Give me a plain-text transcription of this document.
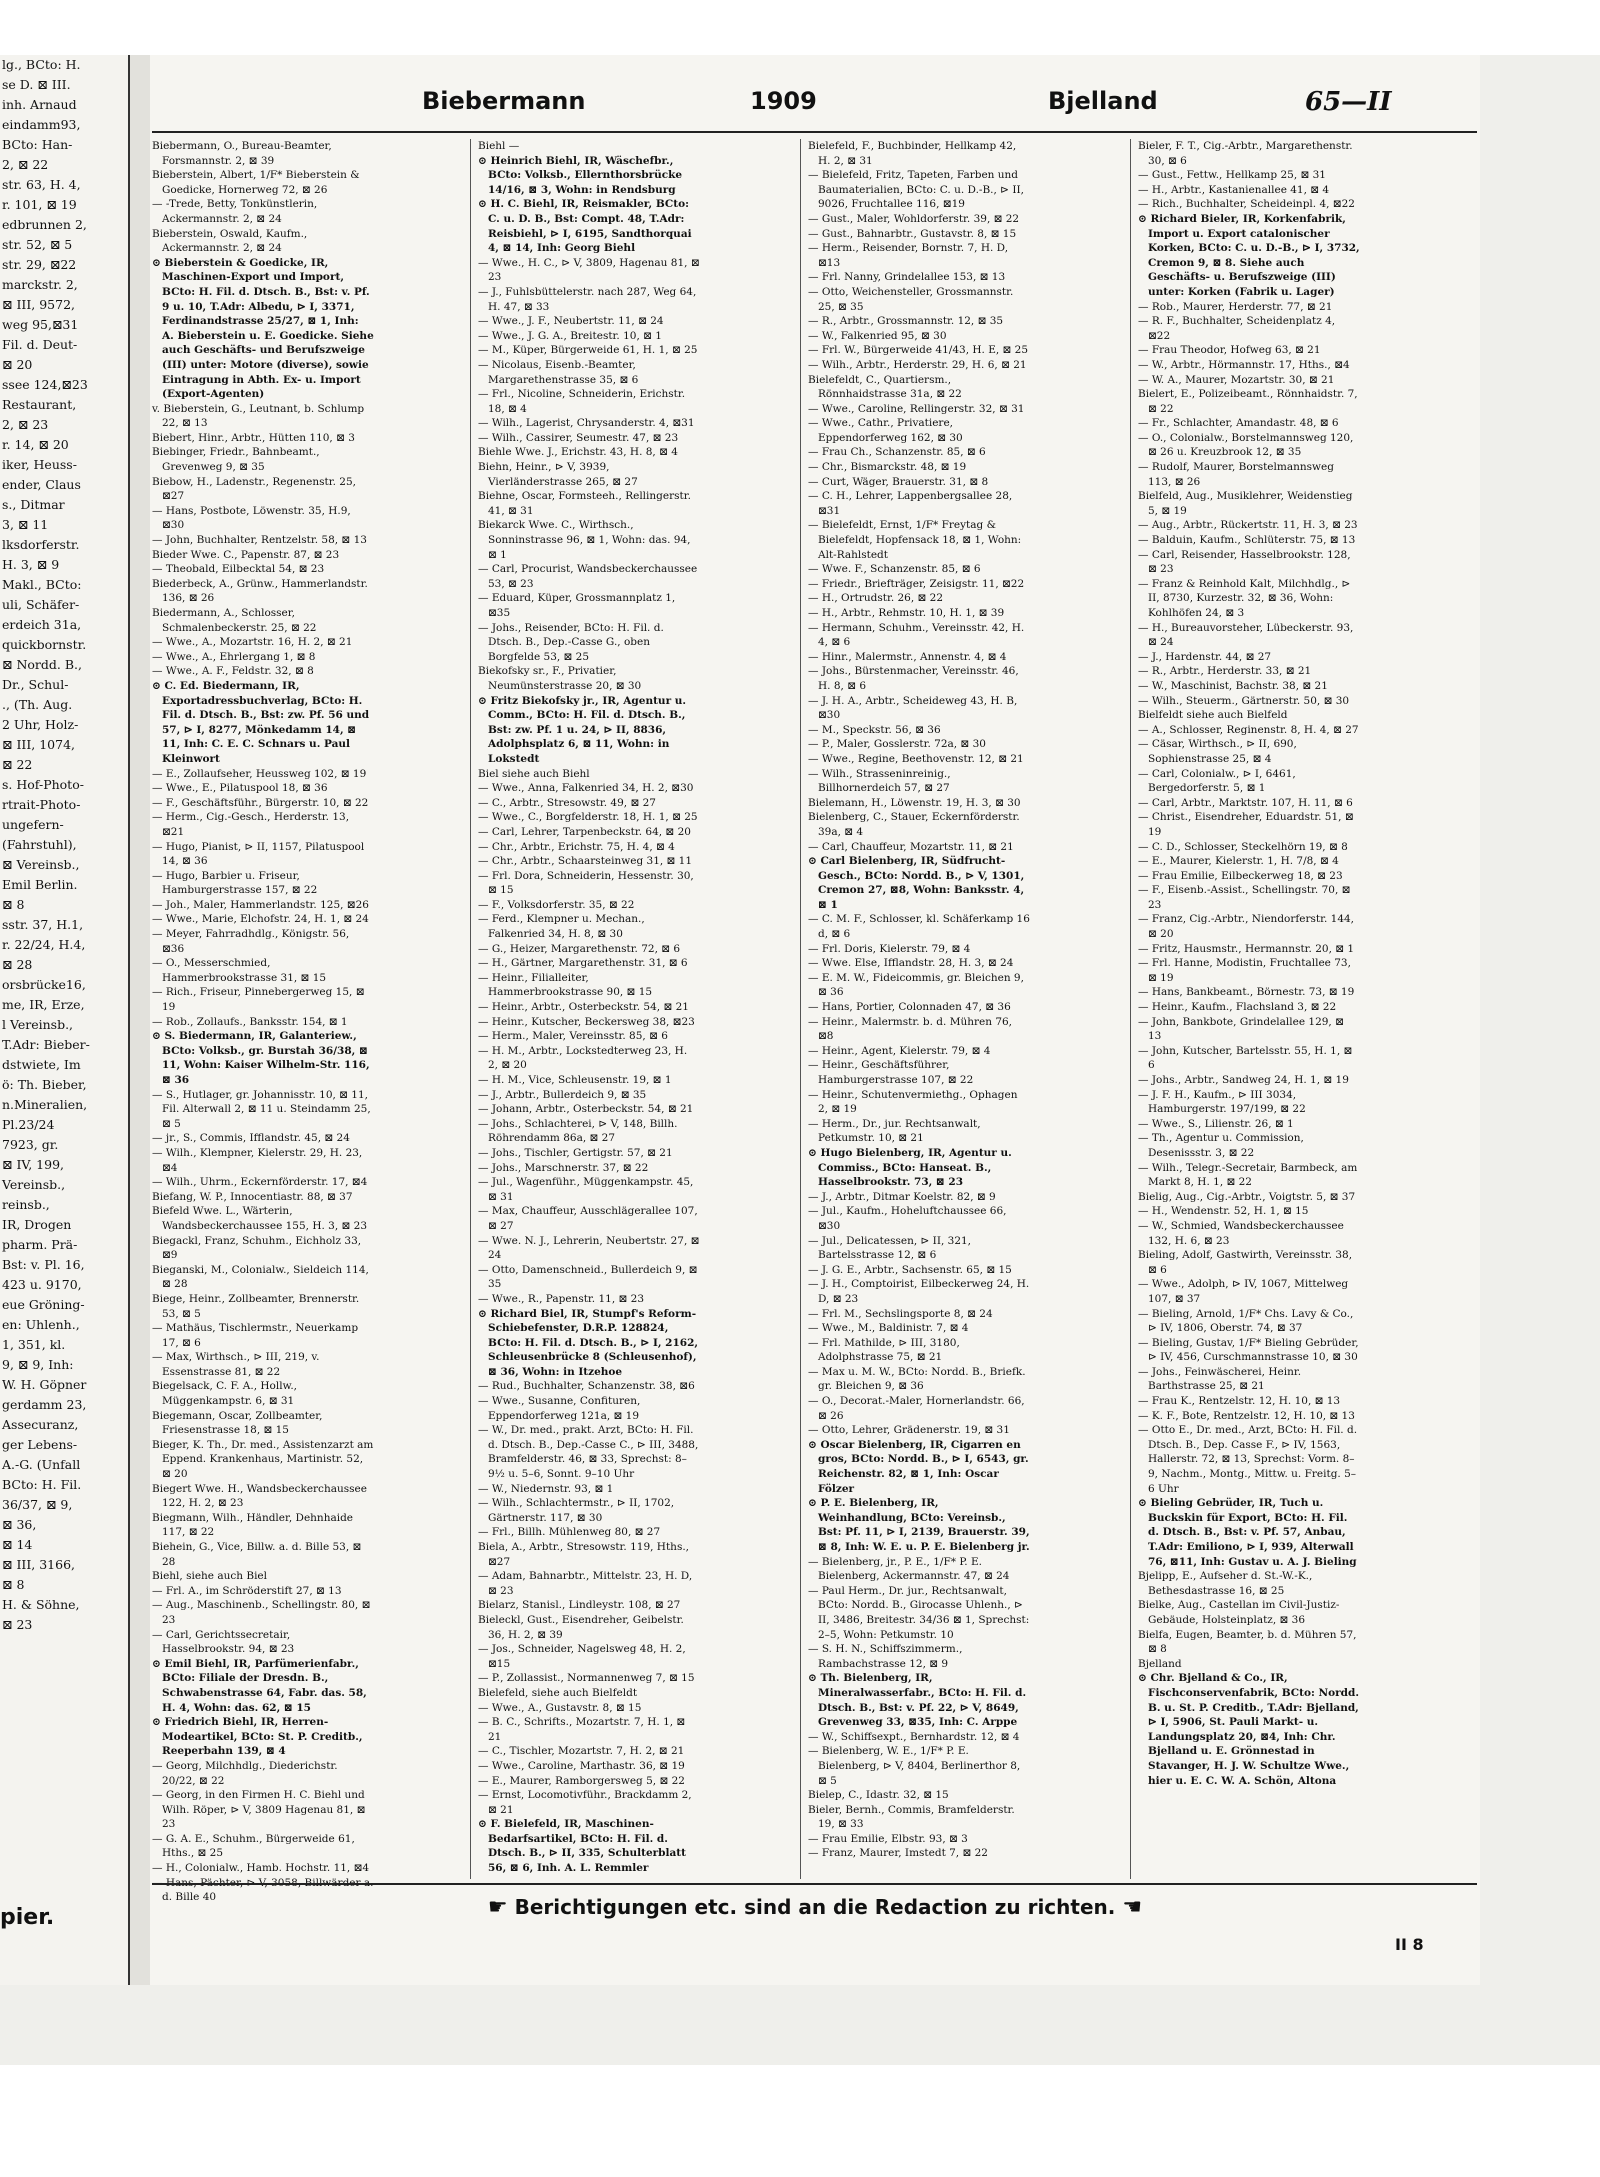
lg., BCto: H.
se D. ⊠ III.
inh. Arnaud
eindamm93,
BCto: Han-
2, ⊠ 22
str. 63, H. 4,
r. 101, ⊠ 19
edbrunnen 2,
str. 52, ⊠ 5
str. 29, ⊠22
marckstr. 2,
⊠ III, 9572,
weg 95,⊠31
Fil. d. Deut-
⊠ 20
ssee 124,⊠23
Restaurant,
2, ⊠ 23
r. 14, ⊠ 20
iker, Heuss-
ender, Claus
s., Ditmar
3, ⊠ 11
lksdorferstr.
H. 3, ⊠ 9
Makl., BCto:
uli, Schäfer-
erdeich 31a,
quickbornstr.
⊠ Nordd. B.,
Dr., Schul-
., (Th. Aug.
2 Uhr, Holz-
⊠ III, 1074,
⊠ 22
s. Hof-Photo-
rtrait-Photo-
ungefern-
(Fahrstuhl),
⊠ Vereinsb.,
Emil Berlin.
⊠ 8
sstr. 37, H.1,
r. 22/24, H.4,
⊠ 28
orsbrücke16,
me, IR, Erze,
l Vereinsb.,
T.Adr: Bieber-
dstwiete, Im
ö: Th. Bieber,
n.Mineralien,
Pl.23/24
7923, gr.
⊠ IV, 199,
Vereinsb.,
reinsb.,
IR, Drogen
pharm. Prä-
Bst: v. Pl. 16,
423 u. 9170,
eue Gröning-
en: Uhlenh.,
1, 351, kl.
9, ⊠ 9, Inh:
W. H. Göpner
gerdamm 23,
Assecuranz,
ger Lebens-
A.-G. (Unfall
BCto: H. Fil.
36/37, ⊠ 9,
⊠ 36,
⊠ 14
⊠ III, 3166,
⊠ 8
H. & Söhne,
⊠ 23
pier.
Biebermann	1909	Bjelland	65—II

Biebermann, O., Bureau-Beamter, Forsmannstr. 2, ⊠ 39

Bieberstein, Albert, 1/F* Bieberstein & Goedicke, Hornerweg 72, ⊠ 26

— -Trede, Betty, Tonkünstlerin, Ackermannstr. 2, ⊠ 24

Bieberstein, Oswald, Kaufm., Ackermannstr. 2, ⊠ 24

⊙ Bieberstein & Goedicke, IR, Maschinen-Export und Import, BCto: H. Fil. d. Dtsch. B., Bst: v. Pf. 9 u. 10, T.Adr: Albedu, ⊳ I, 3371, Ferdinandstrasse 25/27, ⊠ 1, Inh: A. Bieberstein u. E. Goedicke. Siehe auch Geschäfts- und Berufszweige (III) unter: Motore (diverse), sowie Eintragung in Abth. Ex- u. Import (Export-Agenten)

v. Bieberstein, G., Leutnant, b. Schlump 22, ⊠ 13

Biebert, Hinr., Arbtr., Hütten 110, ⊠ 3

Biebinger, Friedr., Bahnbeamt., Grevenweg 9, ⊠ 35

Biebow, H., Ladenstr., Regenenstr. 25, ⊠27

— Hans, Postbote, Löwenstr. 35, H.9, ⊠30

— John, Buchhalter, Rentzelstr. 58, ⊠ 13

Bieder Wwe. C., Papenstr. 87, ⊠ 23

— Theobald, Eilbecktal 54, ⊠ 23

Biederbeck, A., Grünw., Hammerlandstr. 136, ⊠ 26

Biedermann, A., Schlosser, Schmalenbeckerstr. 25, ⊠ 22

— Wwe., A., Mozartstr. 16, H. 2, ⊠ 21

— Wwe., A., Ehrlergang 1, ⊠ 8

— Wwe., A. F., Feldstr. 32, ⊠ 8

⊙ C. Ed. Biedermann, IR, Exportadressbuchverlag, BCto: H. Fil. d. Dtsch. B., Bst: zw. Pf. 56 und 57, ⊳ I, 8277, Mönkedamm 14, ⊠ 11, Inh: C. E. C. Schnars u. Paul Kleinwort

— E., Zollaufseher, Heussweg 102, ⊠ 19

— Wwe., E., Pilatuspool 18, ⊠ 36

— F., Geschäftsführ., Bürgerstr. 10, ⊠ 22

— Herm., Cig.-Gesch., Herderstr. 13, ⊠21

— Hugo, Pianist, ⊳ II, 1157, Pilatuspool 14, ⊠ 36

— Hugo, Barbier u. Friseur, Hamburgerstrasse 157, ⊠ 22

— Joh., Maler, Hammerlandstr. 125, ⊠26

— Wwe., Marie, Elchofstr. 24, H. 1, ⊠ 24

— Meyer, Fahrradhdlg., Königstr. 56, ⊠36

— O., Messerschmied, Hammerbrookstrasse 31, ⊠ 15

— Rich., Friseur, Pinnebergerweg 15, ⊠ 19

— Rob., Zollaufs., Banksstr. 154, ⊠ 1

⊙ S. Biedermann, IR, Galanteriew., BCto: Volksb., gr. Burstah 36/38, ⊠ 11, Wohn: Kaiser Wilhelm-Str. 116, ⊠ 36

— S., Hutlager, gr. Johannisstr. 10, ⊠ 11, Fil. Alterwall 2, ⊠ 11 u. Steindamm 25, ⊠ 5

— jr., S., Commis, Ifflandstr. 45, ⊠ 24

— Wilh., Klempner, Kielerstr. 29, H. 23, ⊠4

— Wilh., Uhrm., Eckernförderstr. 17, ⊠4

Biefang, W. P., Innocentiastr. 88, ⊠ 37

Biefeld Wwe. L., Wärterin, Wandsbeckerchaussee 155, H. 3, ⊠ 23

Biegackl, Franz, Schuhm., Eichholz 33, ⊠9

Bieganski, M., Colonialw., Sieldeich 114, ⊠ 28

Biege, Heinr., Zollbeamter, Brennerstr. 53, ⊠ 5

— Mathäus, Tischlermstr., Neuerkamp 17, ⊠ 6

— Max, Wirthsch., ⊳ III, 219, v. Essenstrasse 81, ⊠ 22

Biegelsack, C. F. A., Hollw., Müggenkampstr. 6, ⊠ 31

Biegemann, Oscar, Zollbeamter, Friesenstrasse 18, ⊠ 15

Bieger, K. Th., Dr. med., Assistenzarzt am Eppend. Krankenhaus, Martinistr. 52, ⊠ 20

Biegert Wwe. H., Wandsbeckerchaussee 122, H. 2, ⊠ 23

Biegmann, Wilh., Händler, Dehnhaide 117, ⊠ 22

Biehein, G., Vice, Billw. a. d. Bille 53, ⊠ 28

Biehl, siehe auch Biel

— Frl. A., im Schröderstift 27, ⊠ 13

— Aug., Maschinenb., Schellingstr. 80, ⊠ 23

— Carl, Gerichtssecretair, Hasselbrookstr. 94, ⊠ 23

⊙ Emil Biehl, IR, Parfümerienfabr., BCto: Filiale der Dresdn. B., Schwabenstrasse 64, Fabr. das. 58, H. 4, Wohn: das. 62, ⊠ 15

⊙ Friedrich Biehl, IR, Herren-Modeartikel, BCto: St. P. Creditb., Reeperbahn 139, ⊠ 4

— Georg, Milchhdlg., Diederichstr. 20/22, ⊠ 22

— Georg, in den Firmen H. C. Biehl und Wilh. Röper, ⊳ V, 3809 Hagenau 81, ⊠ 23

— G. A. E., Schuhm., Bürgerweide 61, Hths., ⊠ 25

— H., Colonialw., Hamb. Hochstr. 11, ⊠4

d. Bille 40

Biehl —

⊙ Heinrich Biehl, IR, Wäschefbr., BCto: Volksb., Ellernthorsbrücke 14/16, ⊠ 3, Wohn: in Rendsburg

⊙ H. C. Biehl, IR, Reismakler, BCto: C. u. D. B., Bst: Compt. 48, T.Adr: Reisbiehl, ⊳ I, 6195, Sandthorquai 4, ⊠ 14, Inh: Georg Biehl

— Wwe., H. C., ⊳ V, 3809, Hagenau 81, ⊠ 23

— J., Fuhlsbüttelerstr. nach 287, Weg 64, H. 47, ⊠ 33

— Wwe., J. F., Neubertstr. 11, ⊠ 24

— Wwe., J. G. A., Breitestr. 10, ⊠ 1

— M., Küper, Bürgerweide 61, H. 1, ⊠ 25

— Nicolaus, Eisenb.-Beamter, Margarethenstrasse 35, ⊠ 6

— Frl., Nicoline, Schneiderin, Erichstr. 18, ⊠ 4

— Wilh., Lagerist, Chrysanderstr. 4, ⊠31

— Wilh., Cassirer, Seumestr. 47, ⊠ 23

Biehle Wwe. J., Erichstr. 43, H. 8, ⊠ 4

Biehn, Heinr., ⊳ V, 3939, Vierländerstrasse 265, ⊠ 27

Biehne, Oscar, Formsteeh., Rellingerstr. 41, ⊠ 31

Biekarck Wwe. C., Wirthsch., Sonninstrasse 96, ⊠ 1, Wohn: das. 94, ⊠ 1

— Carl, Procurist, Wandsbeckerchaussee 53, ⊠ 23

— Eduard, Küper, Grossmannplatz 1, ⊠35

— Johs., Reisender, BCto: H. Fil. d. Dtsch. B., Dep.-Casse G., oben Borgfelde 53, ⊠ 25

Biekofsky sr., F., Privatier, Neumünsterstrasse 20, ⊠ 30

⊙ Fritz Biekofsky jr., IR, Agentur u. Comm., BCto: H. Fil. d. Dtsch. B., Bst: zw. Pf. 1 u. 24, ⊳ II, 8836, Adolphsplatz 6, ⊠ 11, Wohn: in Lokstedt

Biel siehe auch Biehl

— Wwe., Anna, Falkenried 34, H. 2, ⊠30

— C., Arbtr., Stresowstr. 49, ⊠ 27

— Wwe., C., Borgfelderstr. 18, H. 1, ⊠ 25

— Carl, Lehrer, Tarpenbeckstr. 64, ⊠ 20

— Chr., Arbtr., Erichstr. 75, H. 4, ⊠ 4

— Chr., Arbtr., Schaarsteinweg 31, ⊠ 11

— Frl. Dora, Schneiderin, Hessenstr. 30, ⊠ 15

— F., Volksdorferstr. 35, ⊠ 22

— Ferd., Klempner u. Mechan., Falkenried 34, H. 8, ⊠ 30

— G., Heizer, Margarethenstr. 72, ⊠ 6

— H., Gärtner, Margarethenstr. 31, ⊠ 6

— Heinr., Filialleiter, Hammerbrookstrasse 90, ⊠ 15

— Heinr., Arbtr., Osterbeckstr. 54, ⊠ 21

— Heinr., Kutscher, Beckersweg 38, ⊠23

— Herm., Maler, Vereinsstr. 85, ⊠ 6

— H. M., Arbtr., Lockstedterweg 23, H. 2, ⊠ 20

— H. M., Vice, Schleusenstr. 19, ⊠ 1

— J., Arbtr., Bullerdeich 9, ⊠ 35

— Johann, Arbtr., Osterbeckstr. 54, ⊠ 21

— Johs., Schlachterei, ⊳ V, 148, Billh. Röhrendamm 86a, ⊠ 27

— Johs., Tischler, Gertigstr. 57, ⊠ 21

— Johs., Marschnerstr. 37, ⊠ 22

— Jul., Wagenführ., Müggenkampstr. 45, ⊠ 31

— Max, Chauffeur, Ausschlägerallee 107, ⊠ 27

— Wwe. N. J., Lehrerin, Neubertstr. 27, ⊠ 24

— Otto, Damenschneid., Bullerdeich 9, ⊠ 35

— Wwe., R., Papenstr. 11, ⊠ 23

⊙ Richard Biel, IR, Stumpf's Reform-Schiebefenster, D.R.P. 128824, BCto: H. Fil. d. Dtsch. B., ⊳ I, 2162, Schleusenbrücke 8 (Schleusenhof), ⊠ 36, Wohn: in Itzehoe

— Rud., Buchhalter, Schanzenstr. 38, ⊠6

— Wwe., Susanne, Confituren, Eppendorferweg 121a, ⊠ 19

— W., Dr. med., prakt. Arzt, BCto: H. Fil. d. Dtsch. B., Dep.-Casse C., ⊳ III, 3488, Bramfelderstr. 46, ⊠ 33, Sprechst: 8–9½ u. 5–6, Sonnt. 9–10 Uhr

— W., Niedernstr. 93, ⊠ 1

— Wilh., Schlachtermstr., ⊳ II, 1702, Gärtnerstr. 117, ⊠ 30

— Frl., Billh. Mühlenweg 80, ⊠ 27

Biela, A., Arbtr., Stresowstr. 119, Hths., ⊠27

— Adam, Bahnarbtr., Mittelstr. 23, H. D, ⊠ 23

Bielarz, Stanisl., Lindleystr. 108, ⊠ 27

Bieleckl, Gust., Eisendreher, Geibelstr. 36, H. 2, ⊠ 39

— Jos., Schneider, Nagelsweg 48, H. 2, ⊠15

— P., Zollassist., Normannenweg 7, ⊠ 15

Bielefeld, siehe auch Bielfeldt

— Wwe., A., Gustavstr. 8, ⊠ 15

— B. C., Schrifts., Mozartstr. 7, H. 1, ⊠ 21

— C., Tischler, Mozartstr. 7, H. 2, ⊠ 21

— Wwe., Caroline, Marthastr. 36, ⊠ 19

— E., Maurer, Ramborgersweg 5, ⊠ 22

— Ernst, Locomotivführ., Brackdamm 2, ⊠ 21

⊙ F. Bielefeld, IR, Maschinen-Bedarfsartikel, BCto: H. Fil. d. Dtsch. B., ⊳ II, 335, Schulterblatt 56, ⊠ 6, Inh. A. L. Remmler

Bielefeld, F., Buchbinder, Hellkamp 42, H. 2, ⊠ 31

— Bielefeld, Fritz, Tapeten, Farben und Baumaterialien, BCto: C. u. D.-B., ⊳ II, 9026, Fruchtallee 116, ⊠19

— Gust., Maler, Wohldorferstr. 39, ⊠ 22

— Gust., Bahnarbtr., Gustavstr. 8, ⊠ 15

— Herm., Reisender, Bornstr. 7, H. D, ⊠13

— Frl. Nanny, Grindelallee 153, ⊠ 13

— Otto, Weichensteller, Grossmannstr. 25, ⊠ 35

— R., Arbtr., Grossmannstr. 12, ⊠ 35

— W., Falkenried 95, ⊠ 30

— Frl. W., Bürgerweide 41/43, H. E, ⊠ 25

— Wilh., Arbtr., Herderstr. 29, H. 6, ⊠ 21

Bielefeldt, C., Quartiersm., Rönnhaidstrasse 31a, ⊠ 22

— Wwe., Caroline, Rellingerstr. 32, ⊠ 31

— Wwe., Cathr., Privatiere, Eppendorferweg 162, ⊠ 30

— Frau Ch., Schanzenstr. 85, ⊠ 6

— Chr., Bismarckstr. 48, ⊠ 19

— Curt, Wäger, Brauerstr. 31, ⊠ 8

— C. H., Lehrer, Lappenbergsallee 28, ⊠31

— Bielefeldt, Ernst, 1/F* Freytag & Bielefeldt, Hopfensack 18, ⊠ 1, Wohn: Alt-Rahlstedt

— Wwe. F., Schanzenstr. 85, ⊠ 6

— Friedr., Briefträger, Zeisigstr. 11, ⊠22

— H., Ortrudstr. 26, ⊠ 22

— H., Arbtr., Rehmstr. 10, H. 1, ⊠ 39

— Hermann, Schuhm., Vereinsstr. 42, H. 4, ⊠ 6

— Hinr., Malermstr., Annenstr. 4, ⊠ 4

— Johs., Bürstenmacher, Vereinsstr. 46, H. 8, ⊠ 6

— J. H. A., Arbtr., Scheideweg 43, H. B, ⊠30

— M., Speckstr. 56, ⊠ 36

— P., Maler, Gosslerstr. 72a, ⊠ 30

— Wwe., Regine, Beethovenstr. 12, ⊠ 21

— Wilh., Strasseninreinig., Billhornerdeich 57, ⊠ 27

Bielemann, H., Löwenstr. 19, H. 3, ⊠ 30

Bielenberg, C., Stauer, Eckernförderstr. 39a, ⊠ 4

— Carl, Chauffeur, Mozartstr. 11, ⊠ 21

⊙ Carl Bielenberg, IR, Südfrucht-Gesch., BCto: Nordd. B., ⊳ V, 1301, Cremon 27, ⊠8, Wohn: Banksstr. 4, ⊠ 1

— C. M. F., Schlosser, kl. Schäferkamp 16 d, ⊠ 6

— Frl. Doris, Kielerstr. 79, ⊠ 4

— Wwe. Else, Ifflandstr. 28, H. 3, ⊠ 24

— E. M. W., Fideicommis, gr. Bleichen 9, ⊠ 36

— Hans, Portier, Colonnaden 47, ⊠ 36

— Heinr., Malermstr. b. d. Mühren 76, ⊠8

— Heinr., Agent, Kielerstr. 79, ⊠ 4

— Heinr., Geschäftsführer, Hamburgerstrasse 107, ⊠ 22

— Heinr., Schutenvermiethg., Ophagen 2, ⊠ 19

— Herm., Dr., jur. Rechtsanwalt, Petkumstr. 10, ⊠ 21

⊙ Hugo Bielenberg, IR, Agentur u. Commiss., BCto: Hanseat. B., Hasselbrookstr. 73, ⊠ 23

— J., Arbtr., Ditmar Koelstr. 82, ⊠ 9

— Jul., Kaufm., Hoheluftchaussee 66, ⊠30

— Jul., Delicatessen, ⊳ II, 321, Bartelsstrasse 12, ⊠ 6

— J. G. E., Arbtr., Sachsenstr. 65, ⊠ 15

— J. H., Comptoirist, Eilbeckerweg 24, H. D, ⊠ 23

— Frl. M., Sechslingsporte 8, ⊠ 24

— Wwe., M., Baldinistr. 7, ⊠ 4

— Frl. Mathilde, ⊳ III, 3180, Adolphstrasse 75, ⊠ 21

— Max u. M. W., BCto: Nordd. B., Briefk. gr. Bleichen 9, ⊠ 36

— O., Decorat.-Maler, Hornerlandstr. 66, ⊠ 26

— Otto, Lehrer, Grädenerstr. 19, ⊠ 31

⊙ Oscar Bielenberg, IR, Cigarren en gros, BCto: Nordd. B., ⊳ I, 6543, gr. Reichenstr. 82, ⊠ 1, Inh: Oscar Fölzer

⊙ P. E. Bielenberg, IR, Weinhandlung, BCto: Vereinsb., Bst: Pf. 11, ⊳ I, 2139, Brauerstr. 39, ⊠ 8, Inh: W. E. u. P. E. Bielenberg jr.

— Bielenberg, jr., P. E., 1/F* P. E. Bielenberg, Ackermannstr. 47, ⊠ 24

— Paul Herm., Dr. jur., Rechtsanwalt, BCto: Nordd. B., Girocasse Uhlenh., ⊳ II, 3486, Breitestr. 34/36 ⊠ 1, Sprechst: 2–5, Wohn: Petkumstr. 10

— S. H. N., Schiffszimmerm., Rambachstrasse 12, ⊠ 9

⊙ Th. Bielenberg, IR, Mineralwasserfabr., BCto: H. Fil. d. Dtsch. B., Bst: v. Pf. 22, ⊳ V, 8649, Grevenweg 33, ⊠35, Inh: C. Arppe

— W., Schiffsexpt., Bernhardstr. 12, ⊠ 4

— Bielenberg, W. E., 1/F* P. E. Bielenberg, ⊳ V, 8404, Berlinerthor 8, ⊠ 5

Bielep, C., Idastr. 32, ⊠ 15

Bieler, Bernh., Commis, Bramfelderstr. 19, ⊠ 33

— Frau Emilie, Elbstr. 93, ⊠ 3

— Franz, Maurer, Imstedt 7, ⊠ 22

Bieler, F. T., Cig.-Arbtr., Margarethenstr. 30, ⊠ 6

— Gust., Fettw., Hellkamp 25, ⊠ 31

— H., Arbtr., Kastanienallee 41, ⊠ 4

— Rich., Buchhalter, Scheideinpl. 4, ⊠22

⊙ Richard Bieler, IR, Korkenfabrik, Import u. Export catalonischer Korken, BCto: C. u. D.-B., ⊳ I, 3732, Cremon 9, ⊠ 8. Siehe auch Geschäfts- u. Berufszweige (III) unter: Korken (Fabrik u. Lager)

— Rob., Maurer, Herderstr. 77, ⊠ 21

— R. F., Buchhalter, Scheidenplatz 4, ⊠22

— Frau Theodor, Hofweg 63, ⊠ 21

— W., Arbtr., Hörmannstr. 17, Hths., ⊠4

— W. A., Maurer, Mozartstr. 30, ⊠ 21

Bielert, E., Polizeibeamt., Rönnhaidstr. 7, ⊠ 22

— Fr., Schlachter, Amandastr. 48, ⊠ 6

— O., Colonialw., Borstelmannsweg 120, ⊠ 26 u. Kreuzbrook 12, ⊠ 35

— Rudolf, Maurer, Borstelmannsweg 113, ⊠ 26

Bielfeld, Aug., Musiklehrer, Weidenstieg 5, ⊠ 19

— Aug., Arbtr., Rückertstr. 11, H. 3, ⊠ 23

— Balduin, Kaufm., Schlüterstr. 75, ⊠ 13

— Carl, Reisender, Hasselbrookstr. 128, ⊠ 23

— Franz & Reinhold Kalt, Milchhdlg., ⊳ II, 8730, Kurzestr. 32, ⊠ 36, Wohn: Kohlhöfen 24, ⊠ 3

— H., Bureauvorsteher, Lübeckerstr. 93, ⊠ 24

— J., Hardenstr. 44, ⊠ 27

— R., Arbtr., Herderstr. 33, ⊠ 21

— W., Maschinist, Bachstr. 38, ⊠ 21

— Wilh., Steuerm., Gärtnerstr. 50, ⊠ 30

Bielfeldt siehe auch Bielfeld

— A., Schlosser, Reginenstr. 8, H. 4, ⊠ 27

— Cäsar, Wirthsch., ⊳ II, 690, Sophienstrasse 25, ⊠ 4

— Carl, Colonialw., ⊳ I, 6461, Bergedorferstr. 5, ⊠ 1

— Carl, Arbtr., Marktstr. 107, H. 11, ⊠ 6

— Christ., Eisendreher, Eduardstr. 51, ⊠ 19

— C. D., Schlosser, Steckelhörn 19, ⊠ 8

— E., Maurer, Kielerstr. 1, H. 7/8, ⊠ 4

— Frau Emilie, Eilbeckerweg 18, ⊠ 23

— F., Eisenb.-Assist., Schellingstr. 70, ⊠ 23

— Franz, Cig.-Arbtr., Niendorferstr. 144, ⊠ 20

— Fritz, Hausmstr., Hermannstr. 20, ⊠ 1

— Frl. Hanne, Modistin, Fruchtallee 73, ⊠ 19

— Hans, Bankbeamt., Börnestr. 73, ⊠ 19

— Heinr., Kaufm., Flachsland 3, ⊠ 22

— John, Bankbote, Grindelallee 129, ⊠ 13

— John, Kutscher, Bartelsstr. 55, H. 1, ⊠ 6

— Johs., Arbtr., Sandweg 24, H. 1, ⊠ 19

— J. F. H., Kaufm., ⊳ III 3034, Hamburgerstr. 197/199, ⊠ 22

— Wwe., S., Lilienstr. 26, ⊠ 1

— Th., Agentur u. Commission, Desenissstr. 3, ⊠ 22

— Wilh., Telegr.-Secretair, Barmbeck, am Markt 8, H. 1, ⊠ 22

Bielig, Aug., Cig.-Arbtr., Voigtstr. 5, ⊠ 37

— H., Wendenstr. 52, H. 1, ⊠ 15

— W., Schmied, Wandsbeckerchaussee 132, H. 6, ⊠ 23

Bieling, Adolf, Gastwirth, Vereinsstr. 38, ⊠ 6

— Wwe., Adolph, ⊳ IV, 1067, Mittelweg 107, ⊠ 37

— Bieling, Arnold, 1/F* Chs. Lavy & Co., ⊳ IV, 1806, Oberstr. 74, ⊠ 37

— Bieling, Gustav, 1/F* Bieling Gebrüder, ⊳ IV, 456, Curschmannstrasse 10, ⊠ 30

— Johs., Feinwäscherei, Heinr. Barthstrasse 25, ⊠ 21

— Frau K., Rentzelstr. 12, H. 10, ⊠ 13

— K. F., Bote, Rentzelstr. 12, H. 10, ⊠ 13

— Otto E., Dr. med., Arzt, BCto: H. Fil. d. Dtsch. B., Dep. Casse F., ⊳ IV, 1563, Hallerstr. 72, ⊠ 13, Sprechst: Vorm. 8–9, Nachm., Montg., Mittw. u. Freitg. 5–6 Uhr

⊙ Bieling Gebrüder, IR, Tuch u. Buckskin für Export, BCto: H. Fil. d. Dtsch. B., Bst: v. Pf. 57, Anbau, T.Adr: Emiliono, ⊳ I, 939, Alterwall 76, ⊠11, Inh: Gustav u. A. J. Bieling

Bjelipp, E., Aufseher d. St.-W.-K., Bethesdastrasse 16, ⊠ 25

Bielke, Aug., Castellan im Civil-Justiz-Gebäude, Holsteinplatz, ⊠ 36

Bielfa, Eugen, Beamter, b. d. Mühren 57, ⊠ 8

Bjelland

⊙ Chr. Bjelland & Co., IR, Fischconservenfabrik, BCto: Nordd. B. u. St. P. Creditb., T.Adr: Bjelland, ⊳ I, 5906, St. Pauli Markt- u. Landungsplatz 20, ⊠4, Inh: Chr. Bjelland u. E. Grönnestad in Stavanger, H. J. W. Schultze Wwe., hier u. E. C. W. A. Schön, Altona

☛ Berichtigungen etc. sind an die Redaction zu richten. ☚
II 8
